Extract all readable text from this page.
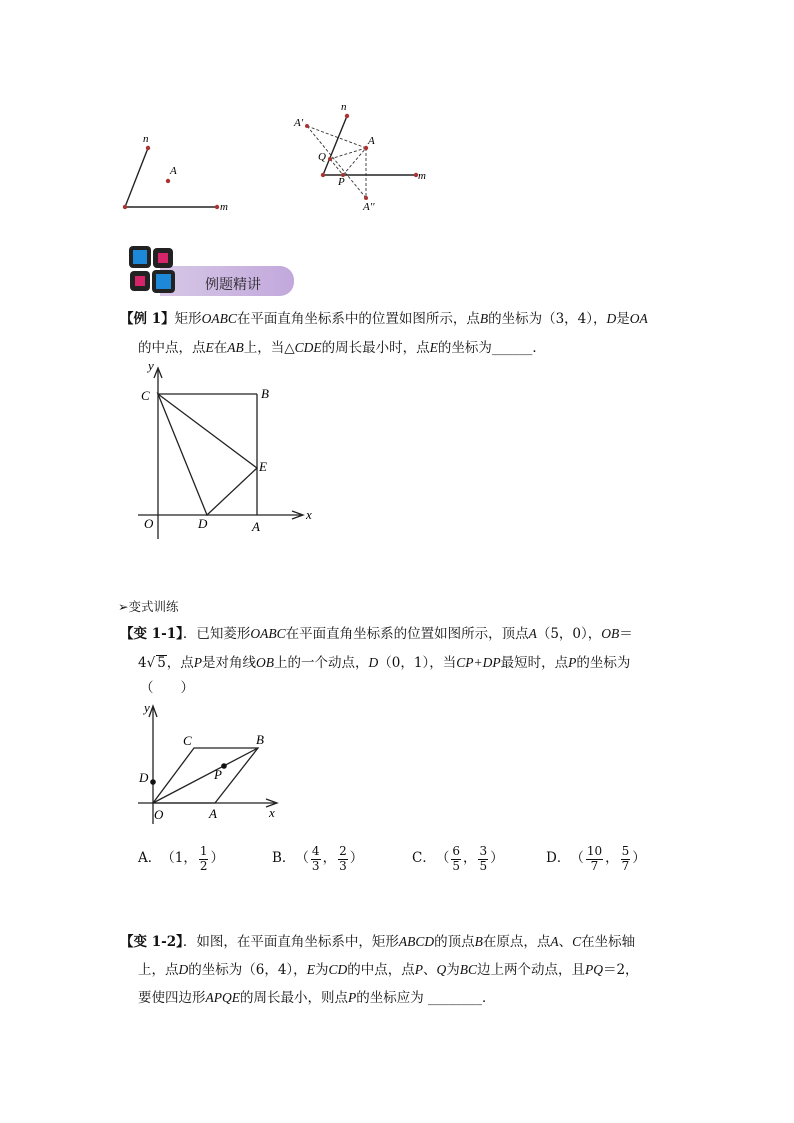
n
A
m
n
A'
A
Q
P	m
A''
例题精讲
【例 1】矩形OABC在平面直角坐标系中的位置如图所示，点B的坐标为（3，4），D是OA
的中点，点E在AB上，当△CDE的周长最小时，点E的坐标为______．
y
C	B
E
O	D	A
x
➢变式训练
【变 1-1】．已知菱形OABC在平面直角坐标系的位置如图所示，顶点A（5，0），OB＝
4√ 5，点P是对角线OB上的一个动点，D（0，1），当CP+DP最短时，点P的坐标为
（　　）
y
C	B
D	P
O	A	x
A． （1， $\frac{1}{2}$ ）	B． （ $\frac{4}{3}$ ， $\frac{2}{3}$ ）	C． （ $\frac{6}{5}$ ， $\frac{3}{5}$ ）	D． （ $\frac{10}{7}$ ， $\frac{5}{7}$ ）
【变 1-2】．如图，在平面直角坐标系中，矩形ABCD的顶点B在原点，点A、C在坐标轴
上，点D的坐标为（6，4），E为CD的中点，点P、Q为BC边上两个动点，且PQ＝2，
要使四边形APQE的周长最小，则点P的坐标应为 ________．
